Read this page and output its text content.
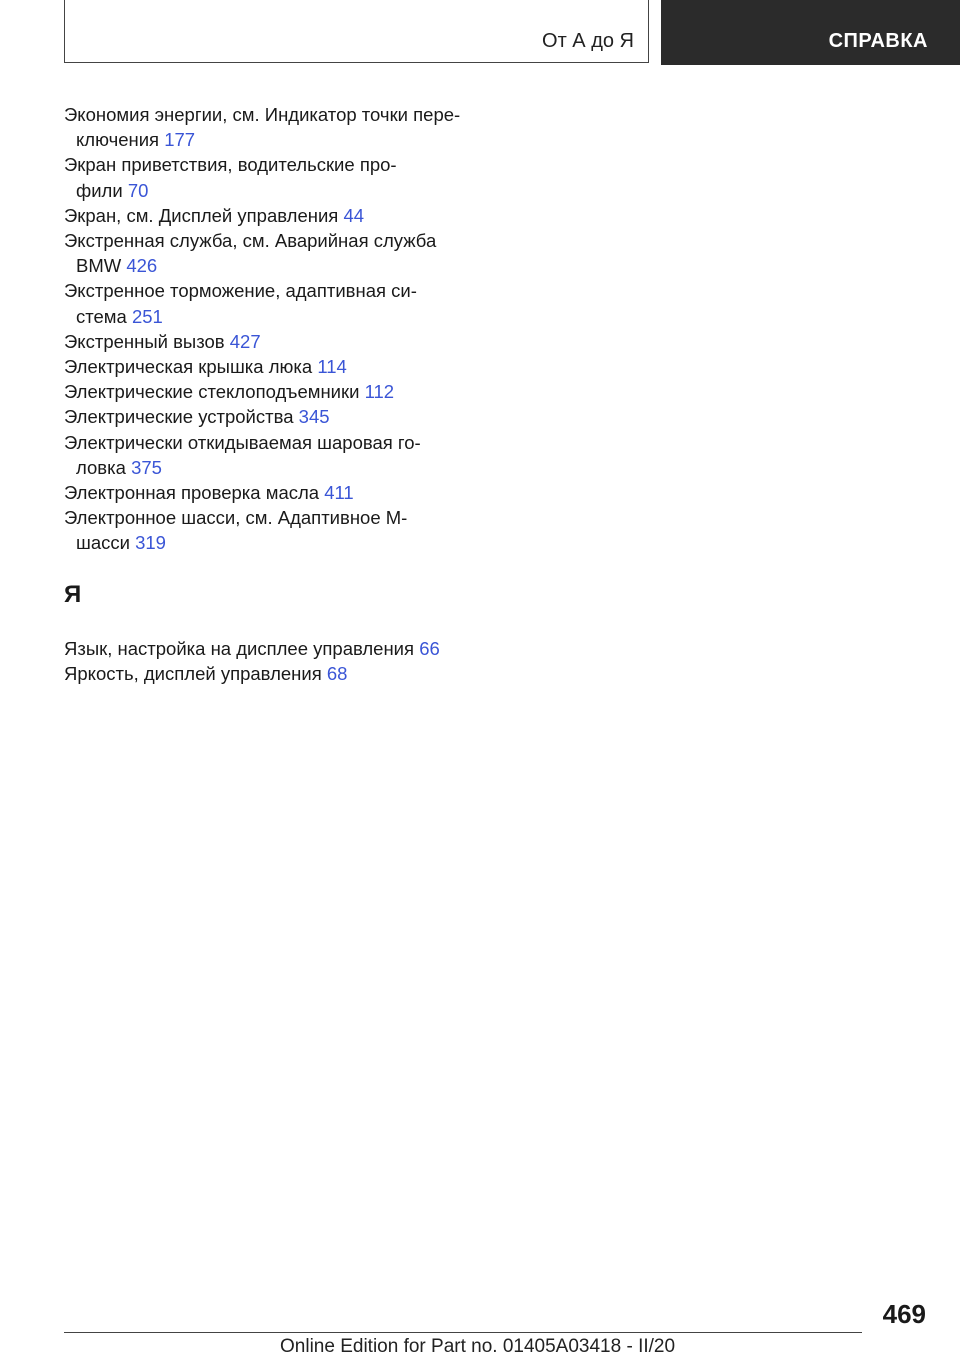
От А до Я	СПРАВКА

Экономия энергии, см. Индикатор точки пере-
ключения 177

Экран приветствия, водительские про-
фили 70

Экран, см. Дисплей управления 44

Экстренная служба, см. Аварийная служба
BMW 426

Экстренное торможение, адаптивная си-
стема 251

Экстренный вызов 427

Электрическая крышка люка 114

Электрические стеклоподъемники 112

Электрические устройства 345

Электрически откидываемая шаровая го-
ловка 375

Электронная проверка масла 411

Электронное шасси, см. Адаптивное M-
шасси 319

Я

Язык, настройка на дисплее управления 66

Яркость, дисплей управления 68

469
Online Edition for Part no. 01405A03418 - II/20
